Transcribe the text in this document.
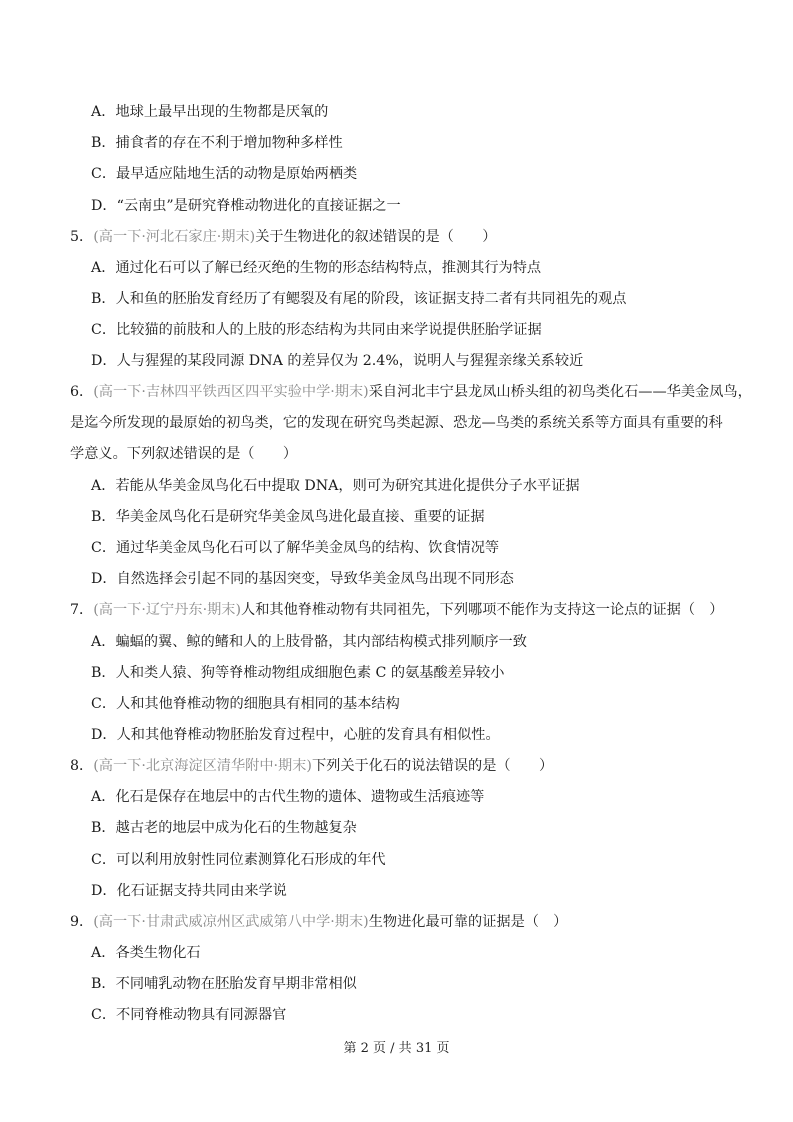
A．地球上最早出现的生物都是厌氧的
B．捕食者的存在不利于增加物种多样性
C．最早适应陆地生活的动物是原始两栖类
D．“云南虫”是研究脊椎动物进化的直接证据之一
5．(高一下·河北石家庄·期末)关于生物进化的叙述错误的是（　　）
A．通过化石可以了解已经灭绝的生物的形态结构特点，推测其行为特点
B．人和鱼的胚胎发育经历了有鳃裂及有尾的阶段，该证据支持二者有共同祖先的观点
C．比较猫的前肢和人的上肢的形态结构为共同由来学说提供胚胎学证据
D．人与猩猩的某段同源 DNA 的差异仅为 2.4%，说明人与猩猩亲缘关系较近
6．(高一下·吉林四平铁西区四平实验中学·期末)采自河北丰宁县龙凤山桥头组的初鸟类化石——华美金凤鸟，
是迄今所发现的最原始的初鸟类，它的发现在研究鸟类起源、恐龙—鸟类的系统关系等方面具有重要的科
学意义。下列叙述错误的是（　　）
A．若能从华美金凤鸟化石中提取 DNA，则可为研究其进化提供分子水平证据
B．华美金凤鸟化石是研究华美金凤鸟进化最直接、重要的证据
C．通过华美金凤鸟化石可以了解华美金凤鸟的结构、饮食情况等
D．自然选择会引起不同的基因突变，导致华美金凤鸟出现不同形态
7．(高一下·辽宁丹东·期末)人和其他脊椎动物有共同祖先，下列哪项不能作为支持这一论点的证据（　）
A．蝙蝠的翼、鲸的鳍和人的上肢骨骼，其内部结构模式排列顺序一致
B．人和类人猿、狗等脊椎动物组成细胞色素 C 的氨基酸差异较小
C．人和其他脊椎动物的细胞具有相同的基本结构
D．人和其他脊椎动物胚胎发育过程中，心脏的发育具有相似性。
8．(高一下·北京海淀区清华附中·期末)下列关于化石的说法错误的是（　　）
A．化石是保存在地层中的古代生物的遗体、遗物或生活痕迹等
B．越古老的地层中成为化石的生物越复杂
C．可以利用放射性同位素测算化石形成的年代
D．化石证据支持共同由来学说
9．(高一下·甘肃武威凉州区武威第八中学·期末)生物进化最可靠的证据是（　）
A．各类生物化石
B．不同哺乳动物在胚胎发育早期非常相似
C．不同脊椎动物具有同源器官
第 2 页 / 共 31 页
